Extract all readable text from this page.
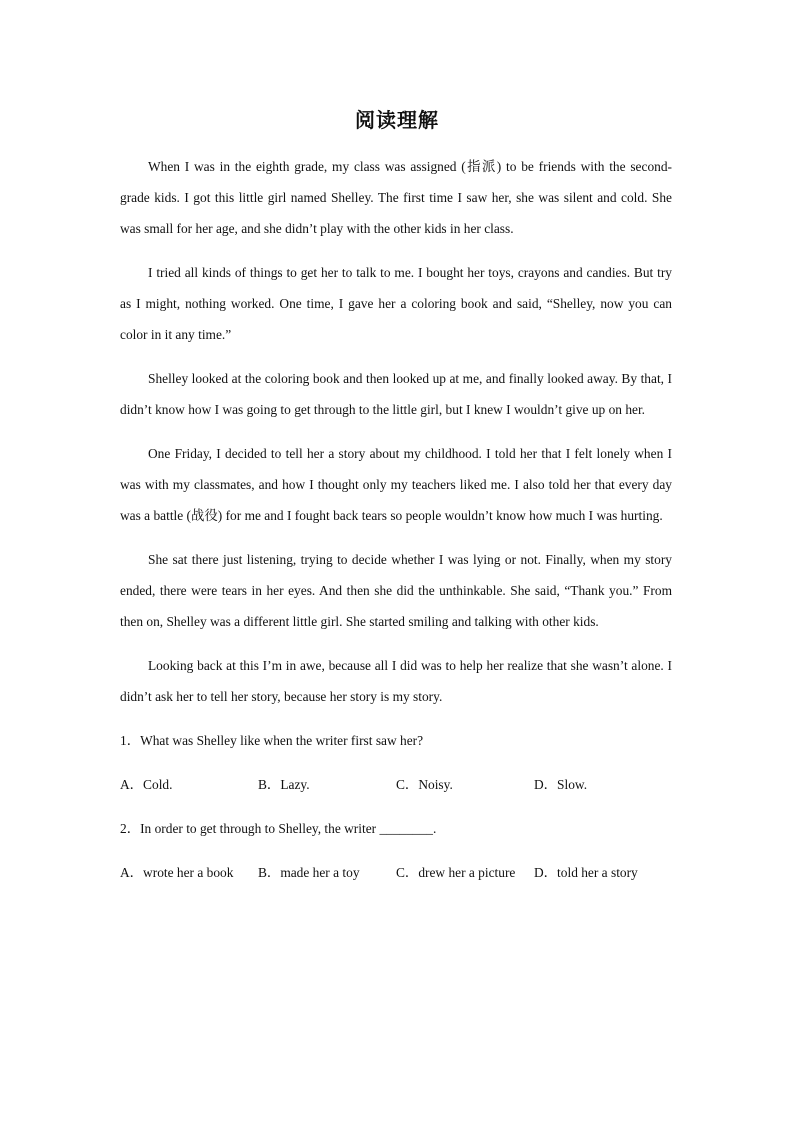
阅读理解

When I was in the eighth grade, my class was assigned (指派) to be friends with the second-grade kids. I got this little girl named Shelley. The first time I saw her, she was silent and cold. She was small for her age, and she didn’t play with the other kids in her class.

I tried all kinds of things to get her to talk to me. I bought her toys, crayons and candies. But try as I might, nothing worked. One time, I gave her a coloring book and said, “Shelley, now you can color in it any time.”

Shelley looked at the coloring book and then looked up at me, and finally looked away. By that, I didn’t know how I was going to get through to the little girl, but I knew I wouldn’t give up on her.

One Friday, I decided to tell her a story about my childhood. I told her that I felt lonely when I was with my classmates, and how I thought only my teachers liked me. I also told her that every day was a battle (战役) for me and I fought back tears so people wouldn’t know how much I was hurting.

She sat there just listening, trying to decide whether I was lying or not. Finally, when my story ended, there were tears in her eyes. And then she did the unthinkable. She said, “Thank you.” From then on, Shelley was a different little girl. She started smiling and talking with other kids.

Looking back at this I’m in awe, because all I did was to help her realize that she wasn’t alone. I didn’t ask her to tell her story, because her story is my story.

1．What was Shelley like when the writer first saw her?
A．Cold.	B．Lazy.	C．Noisy.	D．Slow.
2．In order to get through to Shelley, the writer ________.
A．wrote her a book	B．made her a toy	C．drew her a picture	D．told her a story
